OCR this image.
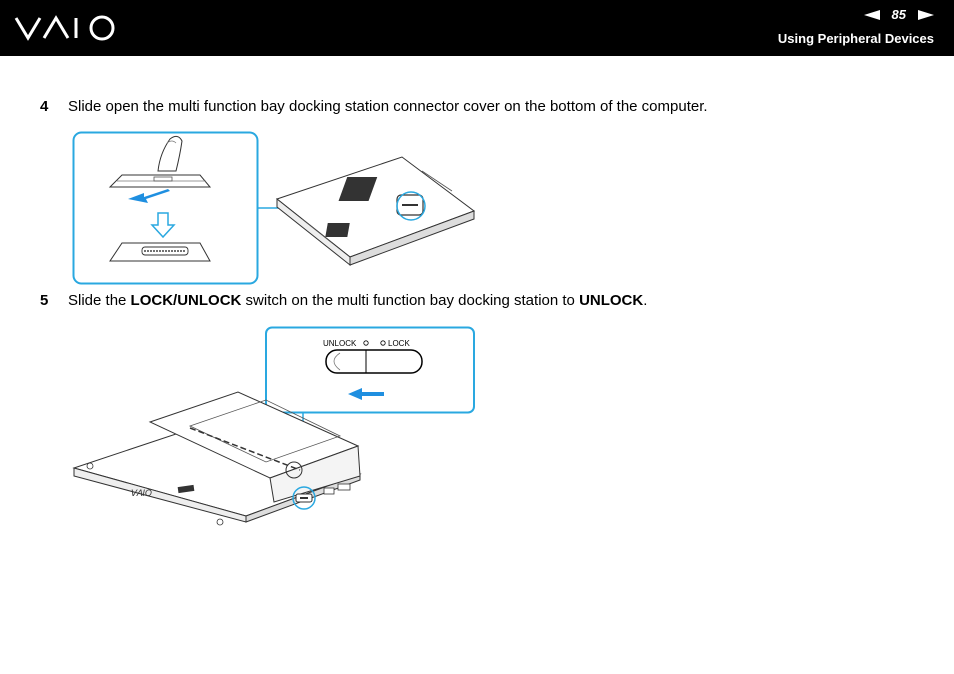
85
Using Peripheral Devices
4	Slide open the multi function bay docking station connector cover on the bottom of the computer.
5	Slide the LOCK/UNLOCK switch on the multi function bay docking station to UNLOCK.
UNLOCK	LOCK
ᐯᐱIO
